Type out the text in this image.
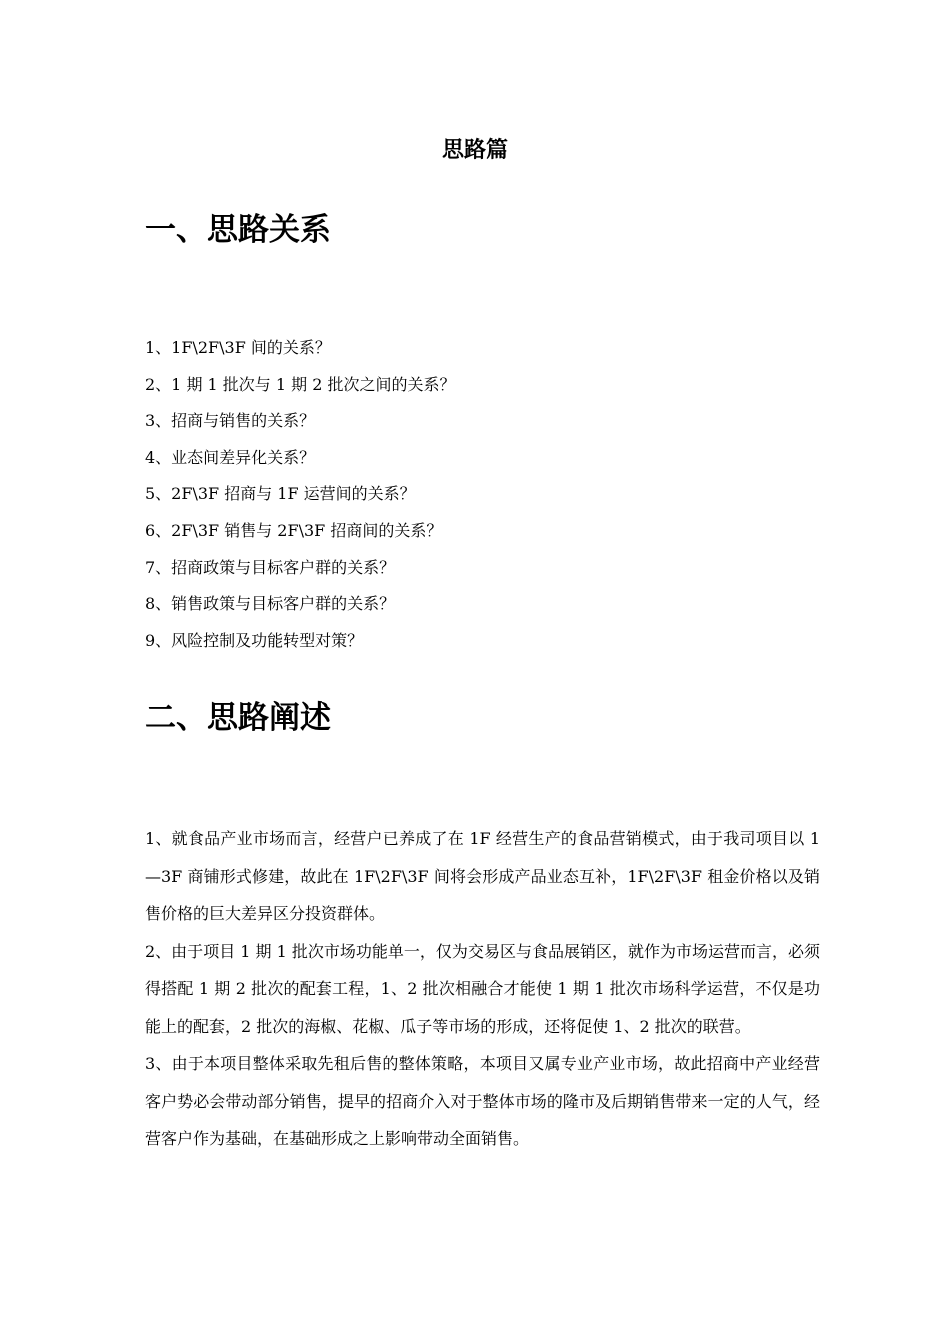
思路篇
一、思路关系
1、1F\2F\3F 间的关系？
2、1 期 1 批次与 1 期 2 批次之间的关系？
3、招商与销售的关系？
4、业态间差异化关系？
5、2F\3F 招商与 1F 运营间的关系？
6、2F\3F 销售与 2F\3F 招商间的关系？
7、招商政策与目标客户群的关系？
8、销售政策与目标客户群的关系？
9、风险控制及功能转型对策？
二、思路阐述

1、就食品产业市场而言，经营户已养成了在 1F 经营生产的食品营销模式，由于我司项目以 1—3F 商铺形式修建，故此在 1F\2F\3F 间将会形成产品业态互补，1F\2F\3F 租金价格以及销售价格的巨大差异区分投资群体。

2、由于项目 1 期 1 批次市场功能单一，仅为交易区与食品展销区，就作为市场运营而言，必须得搭配 1 期 2 批次的配套工程，1、2 批次相融合才能使 1 期 1 批次市场科学运营，不仅是功能上的配套，2 批次的海椒、花椒、瓜子等市场的形成，还将促使 1、2 批次的联营。

3、由于本项目整体采取先租后售的整体策略，本项目又属专业产业市场，故此招商中产业经营客户势必会带动部分销售，提早的招商介入对于整体市场的隆市及后期销售带来一定的人气，经营客户作为基础，在基础形成之上影响带动全面销售。
